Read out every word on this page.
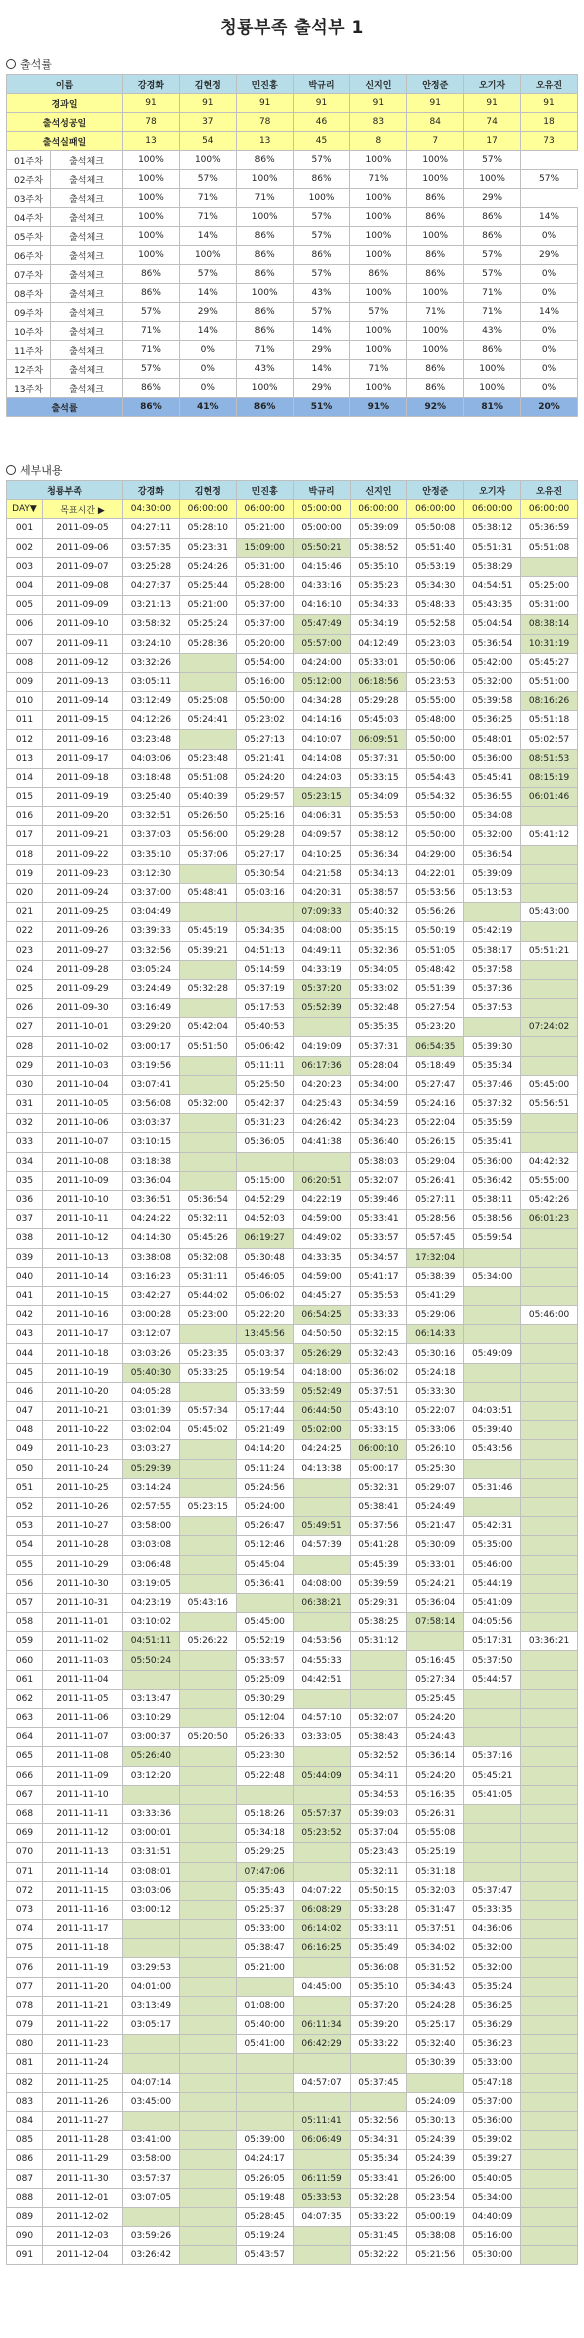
청룡부족 출석부 1
출석률
이름		강경화	김현정	민진홍	박규리	신지인	안정준	오기자	오유진
경과일		91	91	91	91	91	91	91	91
출석성공일		78	37	78	46	83	84	74	18
출석실패일		13	54	13	45	8	7	17	73
01주차	출석체크	100%	100%	86%	57%	100%	100%	57%	
02주차	출석체크	100%	57%	100%	86%	71%	100%	100%	57%
03주차	출석체크	100%	71%	71%	100%	100%	86%	29%	
04주차	출석체크	100%	71%	100%	57%	100%	86%	86%	14%
05주차	출석체크	100%	14%	86%	57%	100%	100%	86%	0%
06주차	출석체크	100%	100%	86%	86%	100%	86%	57%	29%
07주차	출석체크	86%	57%	86%	57%	86%	86%	57%	0%
08주차	출석체크	86%	14%	100%	43%	100%	100%	71%	0%
09주차	출석체크	57%	29%	86%	57%	57%	71%	71%	14%
10주차	출석체크	71%	14%	86%	14%	100%	100%	43%	0%
11주차	출석체크	71%	0%	71%	29%	100%	100%	86%	0%
12주차	출석체크	57%	0%	43%	14%	71%	86%	100%	0%
13주차	출석체크	86%	0%	100%	29%	100%	86%	100%	0%
출석률		86%	41%	86%	51%	91%	92%	81%	20%
세부내용
청룡부족		강경화	김현정	민진홍	박규리	신지인	안정준	오기자	오유진
DAY▼	목표시간 ▶	04:30:00	06:00:00	06:00:00	05:00:00	06:00:00	06:00:00	06:00:00	06:00:00
001	2011-09-05	04:27:11	05:28:10	05:21:00	05:00:00	05:39:09	05:50:08	05:38:12	05:36:59
002	2011-09-06	03:57:35	05:23:31	15:09:00	05:50:21	05:38:52	05:51:40	05:51:31	05:51:08
003	2011-09-07	03:25:28	05:24:26	05:31:00	04:15:46	05:35:10	05:53:19	05:38:29	
004	2011-09-08	04:27:37	05:25:44	05:28:00	04:33:16	05:35:23	05:34:30	04:54:51	05:25:00
005	2011-09-09	03:21:13	05:21:00	05:37:00	04:16:10	05:34:33	05:48:33	05:43:35	05:31:00
006	2011-09-10	03:58:32	05:25:24	05:37:00	05:47:49	05:34:19	05:52:58	05:04:54	08:38:14
007	2011-09-11	03:24:10	05:28:36	05:20:00	05:57:00	04:12:49	05:23:03	05:36:54	10:31:19
008	2011-09-12	03:32:26		05:54:00	04:24:00	05:33:01	05:50:06	05:42:00	05:45:27
009	2011-09-13	03:05:11		05:16:00	05:12:00	06:18:56	05:23:53	05:32:00	05:51:00
010	2011-09-14	03:12:49	05:25:08	05:50:00	04:34:28	05:29:28	05:55:00	05:39:58	08:16:26
011	2011-09-15	04:12:26	05:24:41	05:23:02	04:14:16	05:45:03	05:48:00	05:36:25	05:51:18
012	2011-09-16	03:23:48		05:27:13	04:10:07	06:09:51	05:50:00	05:48:01	05:02:57
013	2011-09-17	04:03:06	05:23:48	05:21:41	04:14:08	05:37:31	05:50:00	05:36:00	08:51:53
014	2011-09-18	03:18:48	05:51:08	05:24:20	04:24:03	05:33:15	05:54:43	05:45:41	08:15:19
015	2011-09-19	03:25:40	05:40:39	05:29:57	05:23:15	05:34:09	05:54:32	05:36:55	06:01:46
016	2011-09-20	03:32:51	05:26:50	05:25:16	04:06:31	05:35:53	05:50:00	05:34:08	
017	2011-09-21	03:37:03	05:56:00	05:29:28	04:09:57	05:38:12	05:50:00	05:32:00	05:41:12
018	2011-09-22	03:35:10	05:37:06	05:27:17	04:10:25	05:36:34	04:29:00	05:36:54	
019	2011-09-23	03:12:30		05:30:54	04:21:58	05:34:13	04:22:01	05:39:09	
020	2011-09-24	03:37:00	05:48:41	05:03:16	04:20:31	05:38:57	05:53:56	05:13:53	
021	2011-09-25	03:04:49			07:09:33	05:40:32	05:56:26		05:43:00
022	2011-09-26	03:39:33	05:45:19	05:34:35	04:08:00	05:35:15	05:50:19	05:42:19	
023	2011-09-27	03:32:56	05:39:21	04:51:13	04:49:11	05:32:36	05:51:05	05:38:17	05:51:21
024	2011-09-28	03:05:24		05:14:59	04:33:19	05:34:05	05:48:42	05:37:58	
025	2011-09-29	03:24:49	05:32:28	05:37:19	05:37:20	05:33:02	05:51:39	05:37:36	
026	2011-09-30	03:16:49		05:17:53	05:52:39	05:32:48	05:27:54	05:37:53	
027	2011-10-01	03:29:20	05:42:04	05:40:53		05:35:35	05:23:20		07:24:02
028	2011-10-02	03:00:17	05:51:50	05:06:42	04:19:09	05:37:31	06:54:35	05:39:30	
029	2011-10-03	03:19:56		05:11:11	06:17:36	05:28:04	05:18:49	05:35:34	
030	2011-10-04	03:07:41		05:25:50	04:20:23	05:34:00	05:27:47	05:37:46	05:45:00
031	2011-10-05	03:56:08	05:32:00	05:42:37	04:25:43	05:34:59	05:24:16	05:37:32	05:56:51
032	2011-10-06	03:03:37		05:31:23	04:26:42	05:34:23	05:22:04	05:35:59	
033	2011-10-07	03:10:15		05:36:05	04:41:38	05:36:40	05:26:15	05:35:41	
034	2011-10-08	03:18:38				05:38:03	05:29:04	05:36:00	04:42:32
035	2011-10-09	03:36:04		05:15:00	06:20:51	05:32:07	05:26:41	05:36:42	05:55:00
036	2011-10-10	03:36:51	05:36:54	04:52:29	04:22:19	05:39:46	05:27:11	05:38:11	05:42:26
037	2011-10-11	04:24:22	05:32:11	04:52:03	04:59:00	05:33:41	05:28:56	05:38:56	06:01:23
038	2011-10-12	04:14:30	05:45:26	06:19:27	04:49:02	05:33:57	05:57:45	05:59:54	
039	2011-10-13	03:38:08	05:32:08	05:30:48	04:33:35	05:34:57	17:32:04		
040	2011-10-14	03:16:23	05:31:11	05:46:05	04:59:00	05:41:17	05:38:39	05:34:00	
041	2011-10-15	03:42:27	05:44:02	05:06:02	04:45:27	05:35:53	05:41:29		
042	2011-10-16	03:00:28	05:23:00	05:22:20	06:54:25	05:33:33	05:29:06		05:46:00
043	2011-10-17	03:12:07		13:45:56	04:50:50	05:32:15	06:14:33		
044	2011-10-18	03:03:26	05:23:35	05:03:37	05:26:29	05:32:43	05:30:16	05:49:09	
045	2011-10-19	05:40:30	05:33:25	05:19:54	04:18:00	05:36:02	05:24:18		
046	2011-10-20	04:05:28		05:33:59	05:52:49	05:37:51	05:33:30		
047	2011-10-21	03:01:39	05:57:34	05:17:44	06:44:50	05:43:10	05:22:07	04:03:51	
048	2011-10-22	03:02:04	05:45:02	05:21:49	05:02:00	05:33:15	05:33:06	05:39:40	
049	2011-10-23	03:03:27		04:14:20	04:24:25	06:00:10	05:26:10	05:43:56	
050	2011-10-24	05:29:39		05:11:24	04:13:38	05:00:17	05:25:30		
051	2011-10-25	03:14:24		05:24:56		05:32:31	05:29:07	05:31:46	
052	2011-10-26	02:57:55	05:23:15	05:24:00		05:38:41	05:24:49		
053	2011-10-27	03:58:00		05:26:47	05:49:51	05:37:56	05:21:47	05:42:31	
054	2011-10-28	03:03:08		05:12:46	04:57:39	05:41:28	05:30:09	05:35:00	
055	2011-10-29	03:06:48		05:45:04		05:45:39	05:33:01	05:46:00	
056	2011-10-30	03:19:05		05:36:41	04:08:00	05:39:59	05:24:21	05:44:19	
057	2011-10-31	04:23:19	05:43:16		06:38:21	05:29:31	05:36:04	05:41:09	
058	2011-11-01	03:10:02		05:45:00		05:38:25	07:58:14	04:05:56	
059	2011-11-02	04:51:11	05:26:22	05:52:19	04:53:56	05:31:12		05:17:31	03:36:21
060	2011-11-03	05:50:24		05:33:57	04:55:33		05:16:45	05:37:50	
061	2011-11-04			05:25:09	04:42:51		05:27:34	05:44:57	
062	2011-11-05	03:13:47		05:30:29			05:25:45		
063	2011-11-06	03:10:29		05:12:04	04:57:10	05:32:07	05:24:20		
064	2011-11-07	03:00:37	05:20:50	05:26:33	03:33:05	05:38:43	05:24:43		
065	2011-11-08	05:26:40		05:23:30		05:32:52	05:36:14	05:37:16	
066	2011-11-09	03:12:20		05:22:48	05:44:09	05:34:11	05:24:20	05:45:21	
067	2011-11-10					05:34:53	05:16:35	05:41:05	
068	2011-11-11	03:33:36		05:18:26	05:57:37	05:39:03	05:26:31		
069	2011-11-12	03:00:01		05:34:18	05:23:52	05:37:04	05:55:08		
070	2011-11-13	03:31:51		05:29:25		05:23:43	05:25:19		
071	2011-11-14	03:08:01		07:47:06		05:32:11	05:31:18		
072	2011-11-15	03:03:06		05:35:43	04:07:22	05:50:15	05:32:03	05:37:47	
073	2011-11-16	03:00:12		05:25:37	06:08:29	05:33:28	05:31:47	05:33:35	
074	2011-11-17			05:33:00	06:14:02	05:33:11	05:37:51	04:36:06	
075	2011-11-18			05:38:47	06:16:25	05:35:49	05:34:02	05:32:00	
076	2011-11-19	03:29:53		05:21:00		05:36:08	05:31:52	05:32:00	
077	2011-11-20	04:01:00			04:45:00	05:35:10	05:34:43	05:35:24	
078	2011-11-21	03:13:49		01:08:00		05:37:20	05:24:28	05:36:25	
079	2011-11-22	03:05:17		05:40:00	06:11:34	05:39:20	05:25:17	05:36:29	
080	2011-11-23			05:41:00	06:42:29	05:33:22	05:32:40	05:36:23	
081	2011-11-24						05:30:39	05:33:00	
082	2011-11-25	04:07:14			04:57:07	05:37:45		05:47:18	
083	2011-11-26	03:45:00					05:24:09	05:37:00	
084	2011-11-27				05:11:41	05:32:56	05:30:13	05:36:00	
085	2011-11-28	03:41:00		05:39:00	06:06:49	05:34:31	05:24:39	05:39:02	
086	2011-11-29	03:58:00		04:24:17		05:35:34	05:24:39	05:39:27	
087	2011-11-30	03:57:37		05:26:05	06:11:59	05:33:41	05:26:00	05:40:05	
088	2011-12-01	03:07:05		05:19:48	05:33:53	05:32:28	05:23:54	05:34:00	
089	2011-12-02			05:28:45	04:07:35	05:33:22	05:00:19	04:40:09	
090	2011-12-03	03:59:26		05:19:24		05:31:45	05:38:08	05:16:00	
091	2011-12-04	03:26:42		05:43:57		05:32:22	05:21:56	05:30:00	
